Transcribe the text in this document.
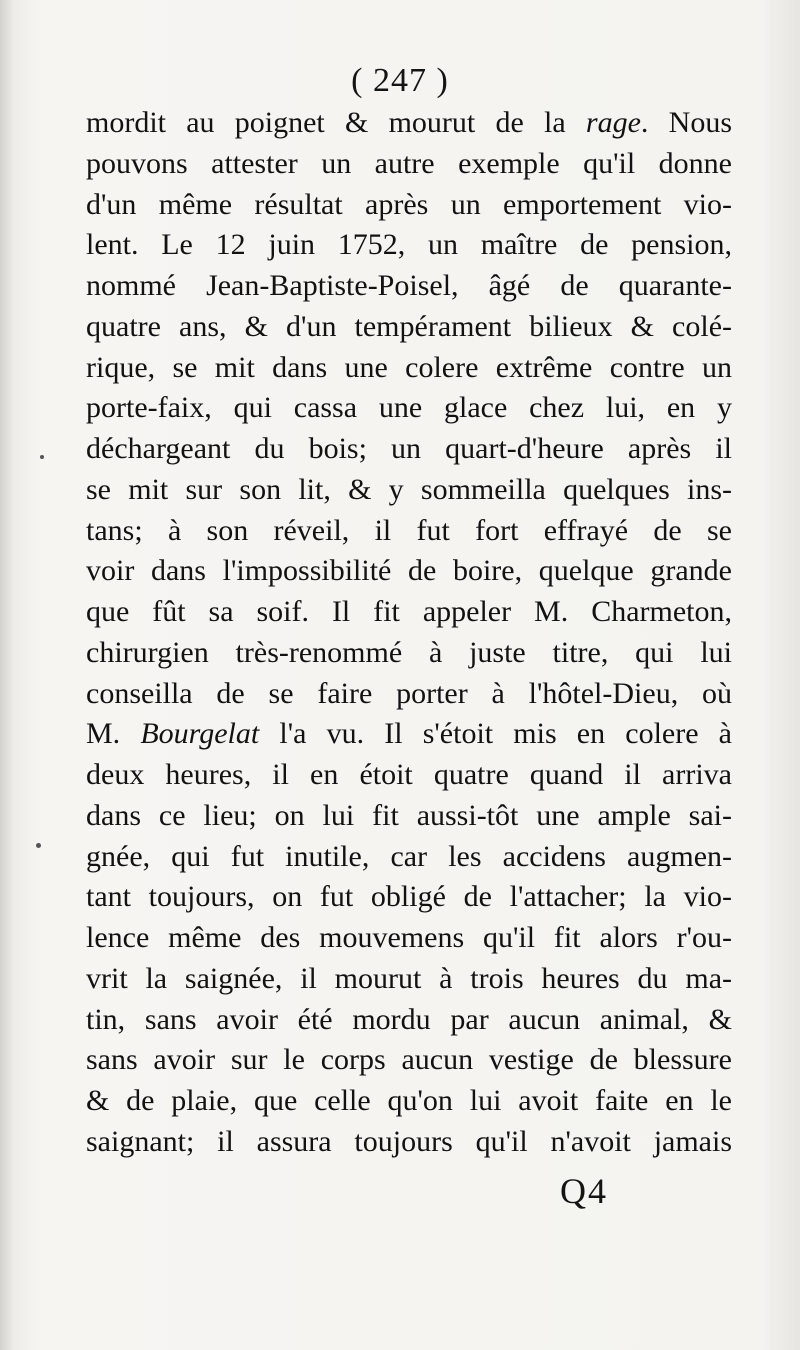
( 247 )
mordit au poignet & mourut de la rage. Nous
pouvons attester un autre exemple qu'il donne
d'un même résultat après un emportement vio-
lent. Le 12 juin 1752, un maître de pension,
nommé Jean-Baptiste-Poisel, âgé de quarante-
quatre ans, & d'un tempérament bilieux & colé-
rique, se mit dans une colere extrême contre un
porte-faix, qui cassa une glace chez lui, en y
déchargeant du bois; un quart-d'heure après il
se mit sur son lit, & y sommeilla quelques ins-
tans; à son réveil, il fut fort effrayé de se
voir dans l'impossibilité de boire, quelque grande
que fût sa soif. Il fit appeler M. Charmeton,
chirurgien très-renommé à juste titre, qui lui
conseilla de se faire porter à l'hôtel-Dieu, où
M. Bourgelat l'a vu. Il s'étoit mis en colere à
deux heures, il en étoit quatre quand il arriva
dans ce lieu; on lui fit aussi-tôt une ample sai-
gnée, qui fut inutile, car les accidens augmen-
tant toujours, on fut obligé de l'attacher; la vio-
lence même des mouvemens qu'il fit alors r'ou-
vrit la saignée, il mourut à trois heures du ma-
tin, sans avoir été mordu par aucun animal, &
sans avoir sur le corps aucun vestige de blessure
& de plaie, que celle qu'on lui avoit faite en le
saignant; il assura toujours qu'il n'avoit jamais
Q4
